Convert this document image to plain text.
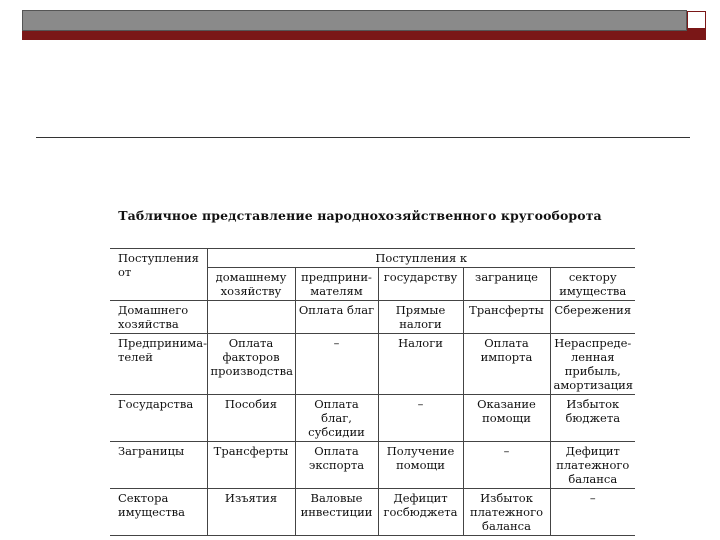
Табличное представление народнохозяйственного кругооборота
Поступления от	Поступления к				
	домашнему хозяйству	предприни-мателям	государству	загранице	сектору имущества
Домашнего хозяйства		Оплата благ	Прямые налоги	Трансферты	Сбережения
Предпринима-телей	Оплата факторов производства	–	Налоги	Оплата импорта	Нераспреде-ленная прибыль, амортизация
Государства	Пособия	Оплата благ, субсидии	–	Оказание помощи	Избыток бюджета
Заграницы	Трансферты	Оплата экспорта	Получение помощи	–	Дефицит платежного баланса
Сектора имущества	Изъятия	Валовые инвестиции	Дефицит госбюджета	Избыток платежного баланса	–
